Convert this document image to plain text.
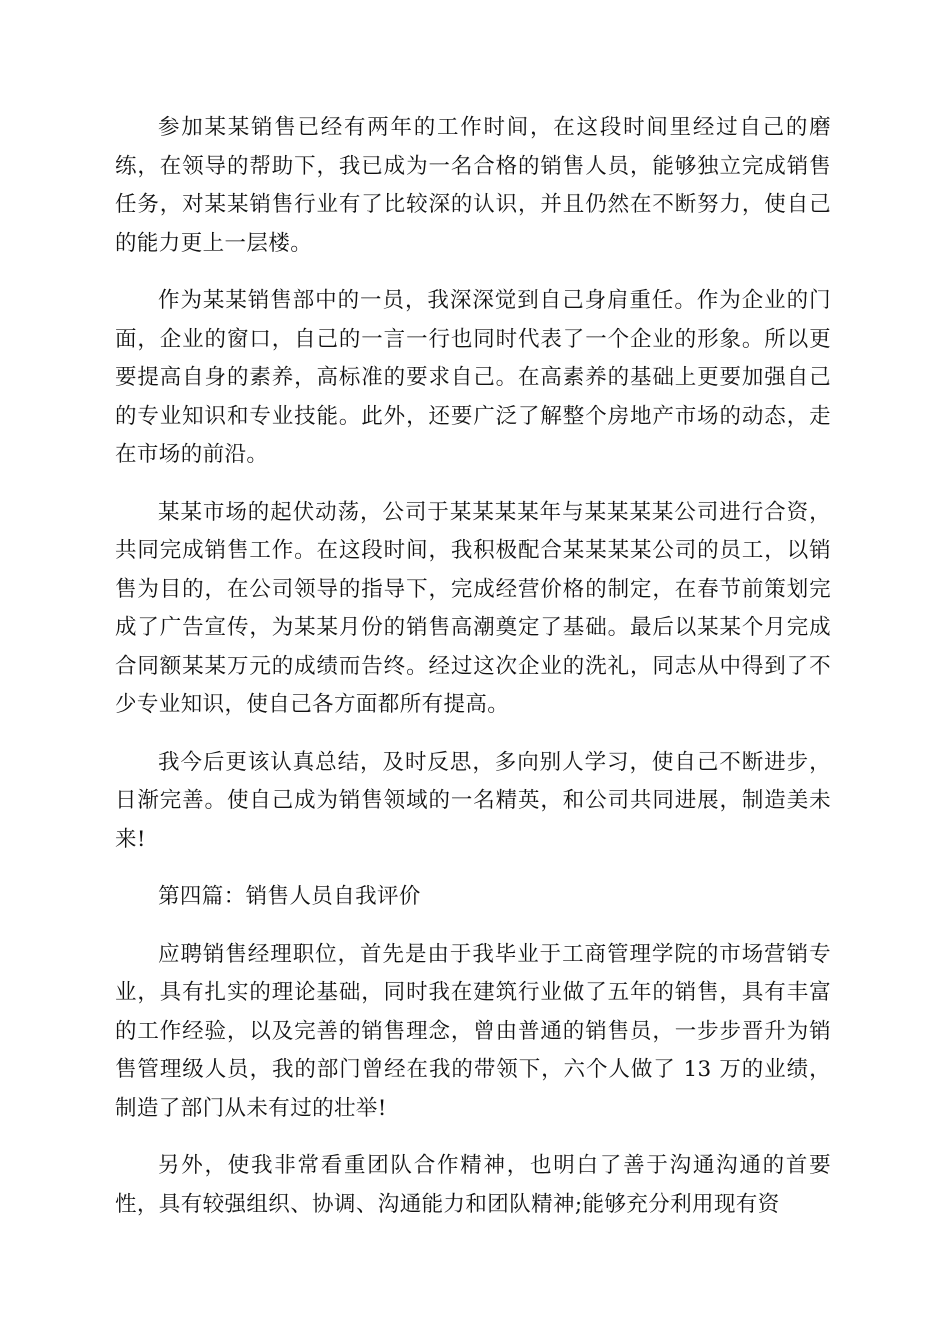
参加某某销售已经有两年的工作时间，在这段时间里经过自己的磨练，在领导的帮助下，我已成为一名合格的销售人员，能够独立完成销售任务，对某某销售行业有了比较深的认识，并且仍然在不断努力，使自己的能力更上一层楼。

作为某某销售部中的一员，我深深觉到自己身肩重任。作为企业的门面，企业的窗口，自己的一言一行也同时代表了一个企业的形象。所以更要提高自身的素养，高标准的要求自己。在高素养的基础上更要加强自己的专业知识和专业技能。此外，还要广泛了解整个房地产市场的动态，走在市场的前沿。

某某市场的起伏动荡，公司于某某某某年与某某某某公司进行合资，共同完成销售工作。在这段时间，我积极配合某某某某公司的员工，以销售为目的，在公司领导的指导下，完成经营价格的制定，在春节前策划完成了广告宣传，为某某月份的销售高潮奠定了基础。最后以某某个月完成合同额某某万元的成绩而告终。经过这次企业的洗礼，同志从中得到了不少专业知识，使自己各方面都所有提高。

我今后更该认真总结，及时反思，多向别人学习，使自己不断进步，日渐完善。使自己成为销售领域的一名精英，和公司共同进展，制造美未来!

第四篇：销售人员自我评价

应聘销售经理职位，首先是由于我毕业于工商管理学院的市场营销专业，具有扎实的理论基础，同时我在建筑行业做了五年的销售，具有丰富的工作经验，以及完善的销售理念，曾由普通的销售员，一步步晋升为销售管理级人员，我的部门曾经在我的带领下，六个人做了 13 万的业绩，制造了部门从未有过的壮举!

另外，使我非常看重团队合作精神，也明白了善于沟通沟通的首要性，具有较强组织、协调、沟通能力和团队精神;能够充分利用现有资
